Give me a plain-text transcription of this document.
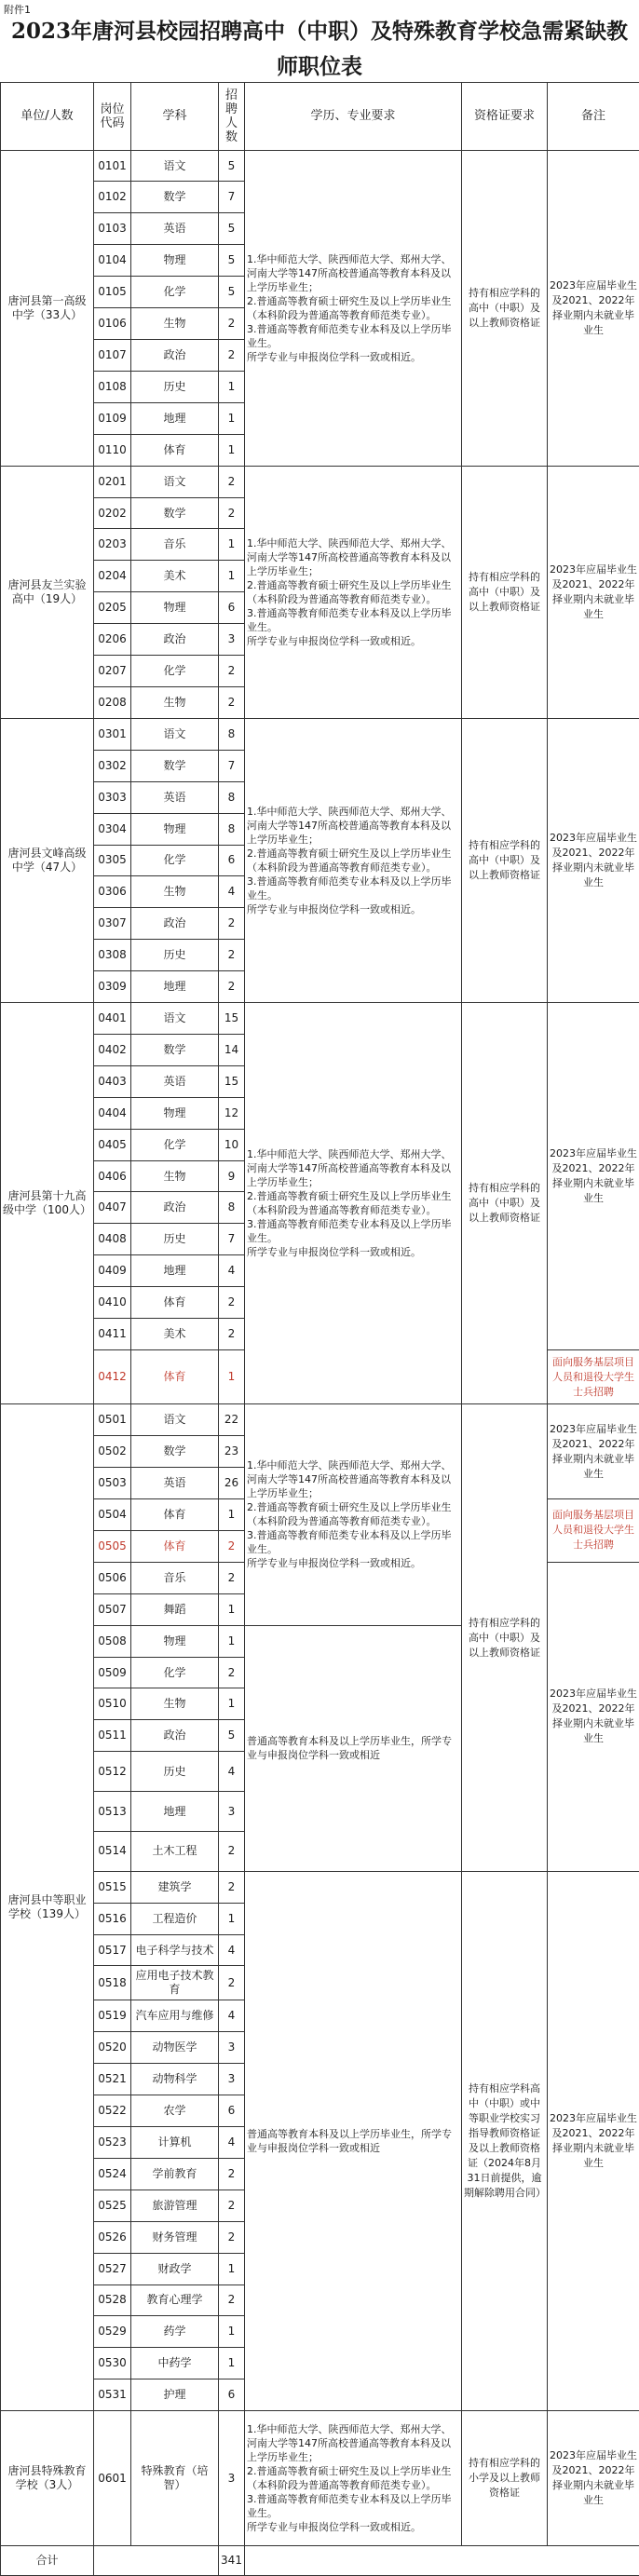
附件1
2023年唐河县校园招聘高中（中职）及特殊教育学校急需紧缺教
师职位表
单位/人数	岗位代码	学科	招聘人数	学历、专业要求	资格证要求	备注
唐河县第一高级中学（33人）	0101	语文	5	1.华中师范大学、陕西师范大学、郑州大学、河南大学等147所高校普通高等教育本科及以上学历毕业生；
2.普通高等教育硕士研究生及以上学历毕业生（本科阶段为普通高等教育师范类专业）。
3.普通高等教育师范类专业本科及以上学历毕业生。
所学专业与申报岗位学科一致或相近。	持有相应学科的高中（中职）及以上教师资格证	2023年应届毕业生及2021、2022年择业期内未就业毕业生
	0102	数学	7			
	0103	英语	5			
	0104	物理	5			
	0105	化学	5			
	0106	生物	2			
	0107	政治	2			
	0108	历史	1			
	0109	地理	1			
	0110	体育	1			
唐河县友兰实验高中（19人）	0201	语文	2	1.华中师范大学、陕西师范大学、郑州大学、河南大学等147所高校普通高等教育本科及以上学历毕业生；
2.普通高等教育硕士研究生及以上学历毕业生（本科阶段为普通高等教育师范类专业）。
3.普通高等教育师范类专业本科及以上学历毕业生。
所学专业与申报岗位学科一致或相近。	持有相应学科的高中（中职）及以上教师资格证	2023年应届毕业生及2021、2022年择业期内未就业毕业生
	0202	数学	2			
	0203	音乐	1			
	0204	美术	1			
	0205	物理	6			
	0206	政治	3			
	0207	化学	2			
	0208	生物	2			
唐河县文峰高级中学（47人）	0301	语文	8	1.华中师范大学、陕西师范大学、郑州大学、河南大学等147所高校普通高等教育本科及以上学历毕业生；
2.普通高等教育硕士研究生及以上学历毕业生（本科阶段为普通高等教育师范类专业）。
3.普通高等教育师范类专业本科及以上学历毕业生。
所学专业与申报岗位学科一致或相近。	持有相应学科的高中（中职）及以上教师资格证	2023年应届毕业生及2021、2022年择业期内未就业毕业生
	0302	数学	7			
	0303	英语	8			
	0304	物理	8			
	0305	化学	6			
	0306	生物	4			
	0307	政治	2			
	0308	历史	2			
	0309	地理	2			
唐河县第十九高级中学（100人）	0401	语文	15	1.华中师范大学、陕西师范大学、郑州大学、河南大学等147所高校普通高等教育本科及以上学历毕业生；
2.普通高等教育硕士研究生及以上学历毕业生（本科阶段为普通高等教育师范类专业）。
3.普通高等教育师范类专业本科及以上学历毕业生。
所学专业与申报岗位学科一致或相近。	持有相应学科的高中（中职）及以上教师资格证	2023年应届毕业生及2021、2022年择业期内未就业毕业生
	0402	数学	14			
	0403	英语	15			
	0404	物理	12			
	0405	化学	10			
	0406	生物	9			
	0407	政治	8			
	0408	历史	7			
	0409	地理	4			
	0410	体育	2			
	0411	美术	2			
	0412	体育	1			面向服务基层项目人员和退役大学生士兵招聘
唐河县中等职业学校（139人）	0501	语文	22	1.华中师范大学、陕西师范大学、郑州大学、河南大学等147所高校普通高等教育本科及以上学历毕业生；
2.普通高等教育硕士研究生及以上学历毕业生（本科阶段为普通高等教育师范类专业）。
3.普通高等教育师范类专业本科及以上学历毕业生。
所学专业与申报岗位学科一致或相近。	持有相应学科的高中（中职）及以上教师资格证	2023年应届毕业生及2021、2022年择业期内未就业毕业生
	0502	数学	23			
	0503	英语	26			
	0504	体育	1			面向服务基层项目人员和退役大学生士兵招聘
	0505	体育	2			
	0506	音乐	2			2023年应届毕业生及2021、2022年择业期内未就业毕业生
	0507	舞蹈	1			
	0508	物理	1	普通高等教育本科及以上学历毕业生，所学专业与申报岗位学科一致或相近		
	0509	化学	2			
	0510	生物	1			
	0511	政治	5			
	0512	历史	4			
	0513	地理	3			
	0514	土木工程	2			
	0515	建筑学	2	普通高等教育本科及以上学历毕业生，所学专业与申报岗位学科一致或相近	持有相应学科高中（中职）或中等职业学校实习指导教师资格证及以上教师资格证（2024年8月31日前提供，逾期解除聘用合同）	2023年应届毕业生及2021、2022年择业期内未就业毕业生
	0516	工程造价	1			
	0517	电子科学与技术	4			
	0518	应用电子技术教育	2			
	0519	汽车应用与维修	4			
	0520	动物医学	3			
	0521	动物科学	3			
	0522	农学	6			
	0523	计算机	4			
	0524	学前教育	2			
	0525	旅游管理	2			
	0526	财务管理	2			
	0527	财政学	1			
	0528	教育心理学	2			
	0529	药学	1			
	0530	中药学	1			
	0531	护理	6			
唐河县特殊教育学校（3人）	0601	特殊教育（培智）	3	1.华中师范大学、陕西师范大学、郑州大学、河南大学等147所高校普通高等教育本科及以上学历毕业生；
2.普通高等教育硕士研究生及以上学历毕业生（本科阶段为普通高等教育师范类专业）。
3.普通高等教育师范类专业本科及以上学历毕业生。
所学专业与申报岗位学科一致或相近。	持有相应学科的小学及以上教师资格证	2023年应届毕业生及2021、2022年择业期内未就业毕业生
合计			341			
